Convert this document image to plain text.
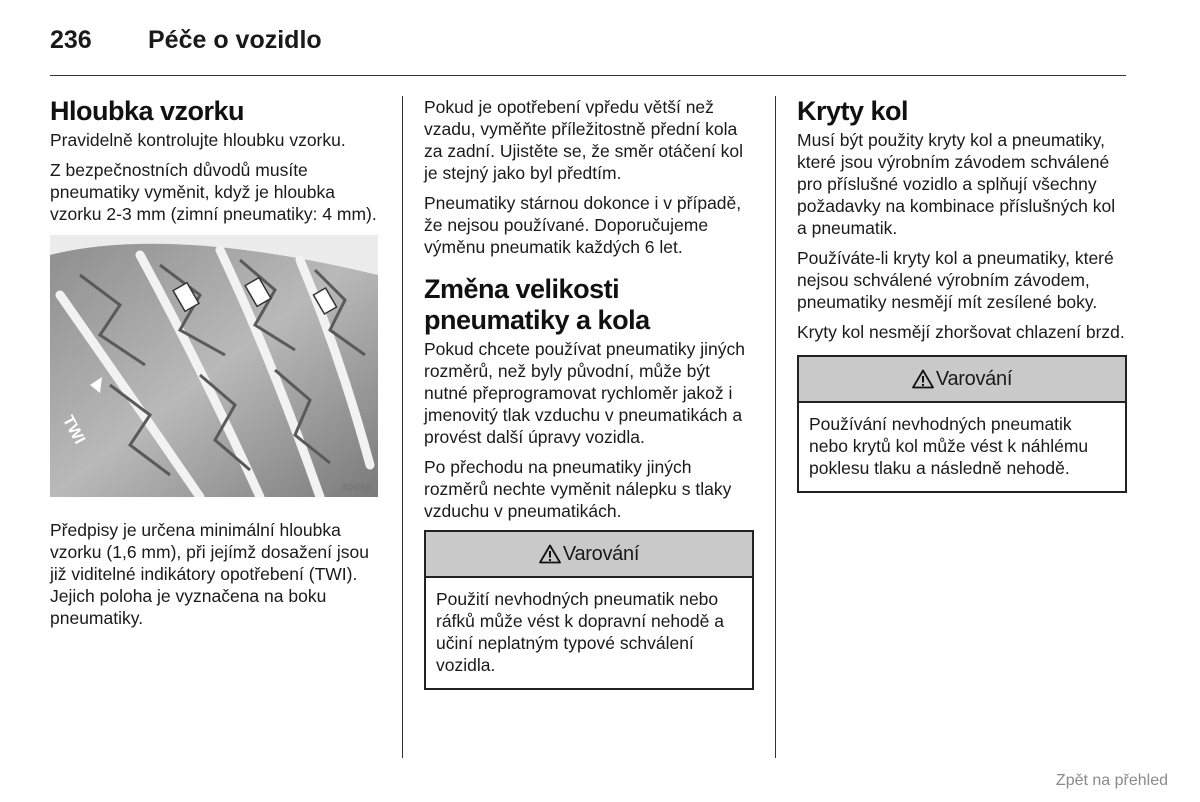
236 Péče o vozidlo
Hloubka vzorku

Pravidelně kontrolujte hloubku vzorku.

Z bezpečnostních důvodů musíte pneumatiky vyměnit, když je hloubka vzorku 2-3 mm (zimní pneumatiky: 4 mm).

TWI
30055

Předpisy je určena minimální hloubka vzorku (1,6 mm), při jejímž dosažení jsou již viditelné indikátory opotřebení (TWI). Jejich poloha je vyznačena na boku pneumatiky.

Pokud je opotřebení vpředu větší než vzadu, vyměňte příležitostně přední kola za zadní. Ujistěte se, že směr otáčení kol je stejný jako byl předtím.

Pneumatiky stárnou dokonce i v případě, že nejsou používané. Doporučujeme výměnu pneumatik každých 6 let.

Změna velikosti pneumatiky a kola

Pokud chcete používat pneumatiky jiných rozměrů, než byly původní, může být nutné přeprogramovat rychloměr jakož i jmenovitý tlak vzduchu v pneumatikách a provést další úpravy vozidla.

Po přechodu na pneumatiky jiných rozměrů nechte vyměnit nálepku s tlaky vzduchu v pneumatikách.

Varování

Použití nevhodných pneumatik nebo ráfků může vést k dopravní nehodě a učiní neplatným typové schválení vozidla.

Kryty kol

Musí být použity kryty kol a pneumatiky, které jsou výrobním závodem schválené pro příslušné vozidlo a splňují všechny požadavky na kombinace příslušných kol a pneumatik.

Používáte-li kryty kol a pneumatiky, které nejsou schválené výrobním závodem, pneumatiky nesmějí mít zesílené boky.

Kryty kol nesmějí zhoršovat chlazení brzd.

Varování

Používání nevhodných pneumatik nebo krytů kol může vést k náhlému poklesu tlaku a následně nehodě.

Zpět na přehled
